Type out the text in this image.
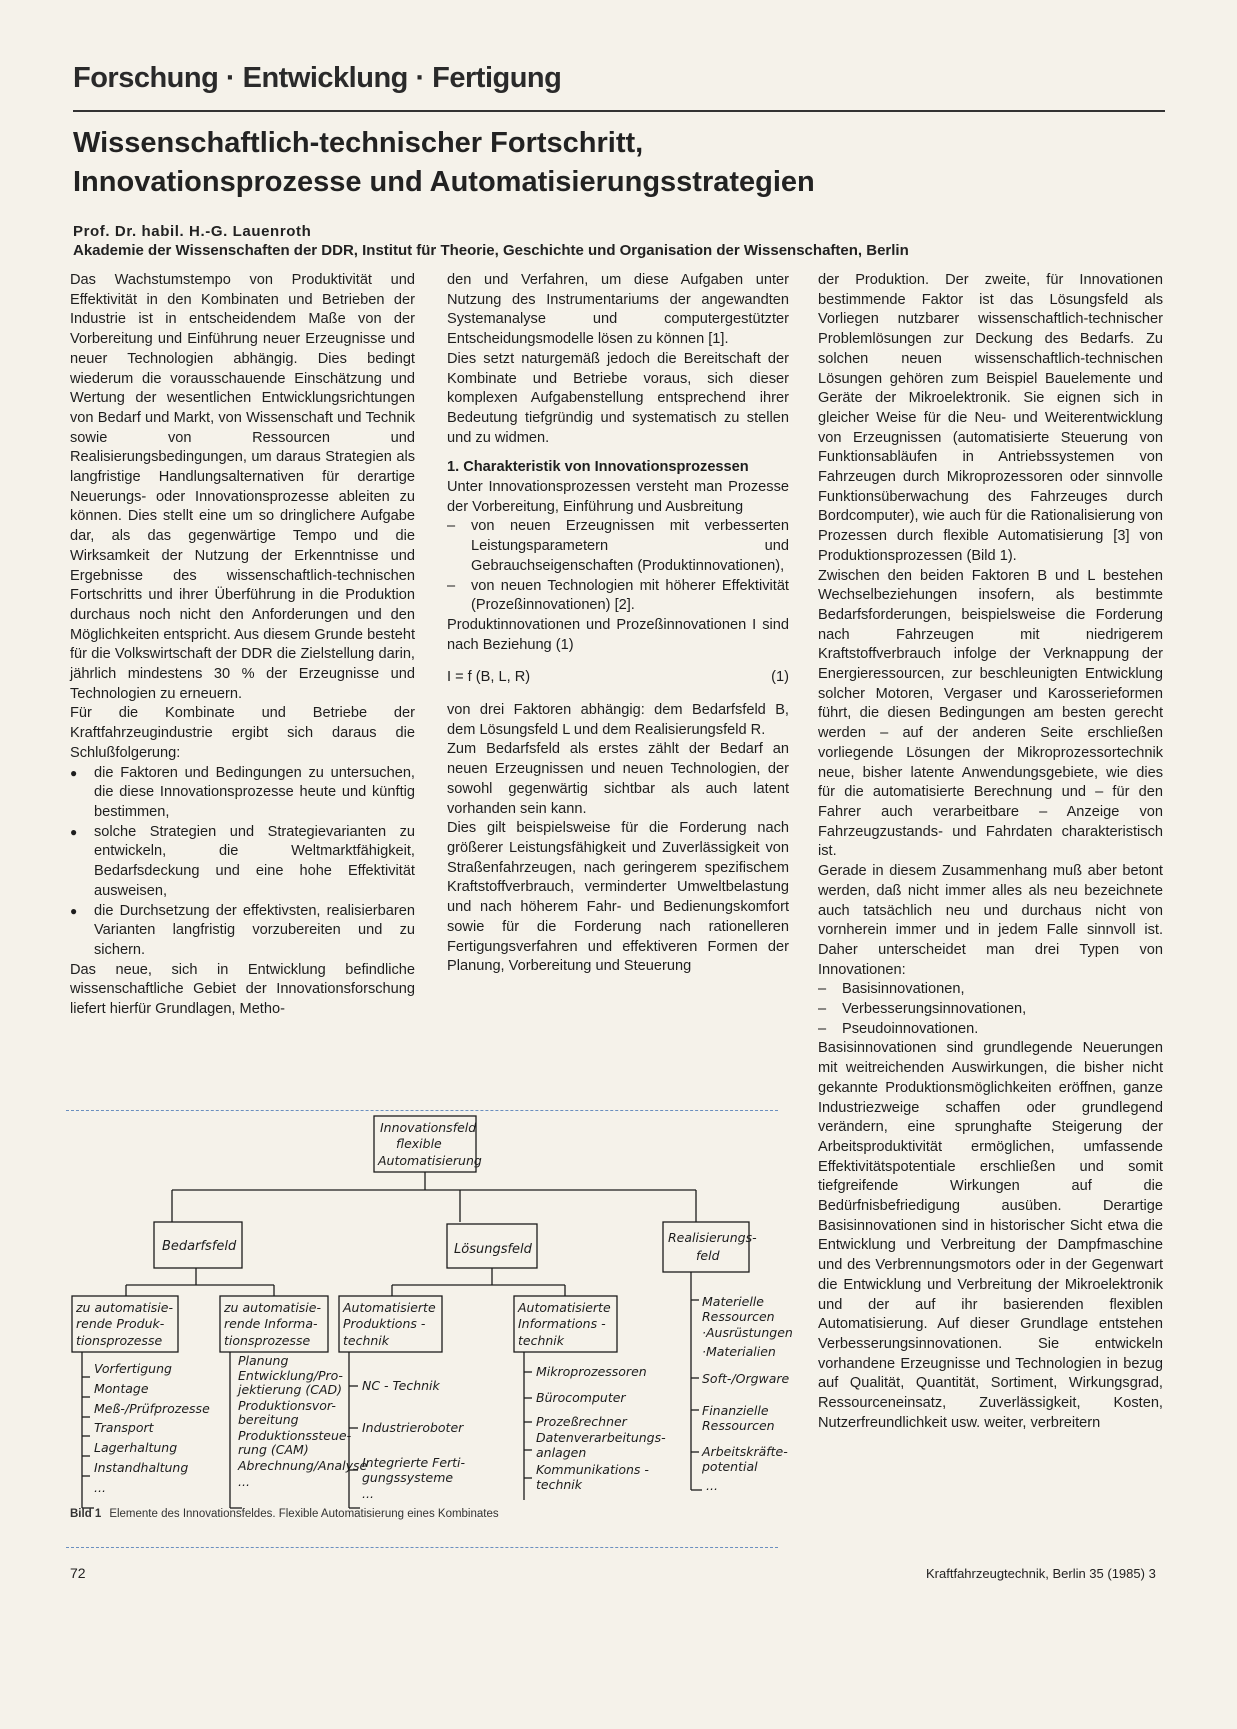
Forschung · Entwicklung · Fertigung
Wissenschaftlich-technischer Fortschritt,
Innovationsprozesse und Automatisierungsstrategien
Prof. Dr. habil. H.-G. Lauenroth
Akademie der Wissenschaften der DDR, Institut für Theorie, Geschichte und Organisation der Wissenschaften, Berlin

Das Wachstumstempo von Produktivität und Effektivität in den Kombinaten und Betrieben der Industrie ist in entscheidendem Maße von der Vorbereitung und Einführung neuer Erzeugnisse und neuer Technologien abhängig. Dies bedingt wiederum die vorausschauende Einschätzung und Wertung der wesentlichen Entwicklungsrichtungen von Bedarf und Markt, von Wissenschaft und Technik sowie von Ressourcen und Realisierungsbedingungen, um daraus Strategien als langfristige Handlungsalternativen für derartige Neuerungs- oder Innovationsprozesse ableiten zu können. Dies stellt eine um so dringlichere Aufgabe dar, als das gegenwärtige Tempo und die Wirksamkeit der Nutzung der Erkenntnisse und Ergebnisse des wissenschaftlich-technischen Fortschritts und ihrer Überführung in die Produktion durchaus noch nicht den Anforderungen und den Möglichkeiten entspricht. Aus diesem Grunde besteht für die Volkswirtschaft der DDR die Zielstellung darin, jährlich mindestens 30 % der Erzeugnisse und Technologien zu erneuern.

Für die Kombinate und Betriebe der Kraftfahrzeugindustrie ergibt sich daraus die Schlußfolgerung:

● die Faktoren und Bedingungen zu untersuchen, die diese Innovationsprozesse heute und künftig bestimmen,
● solche Strategien und Strategievarianten zu entwickeln, die Weltmarktfähigkeit, Bedarfsdeckung und eine hohe Effektivität ausweisen,
● die Durchsetzung der effektivsten, realisierbaren Varianten langfristig vorzubereiten und zu sichern.

Das neue, sich in Entwicklung befindliche wissenschaftliche Gebiet der Innovationsforschung liefert hierfür Grundlagen, Metho-

den und Verfahren, um diese Aufgaben unter Nutzung des Instrumentariums der angewandten Systemanalyse und computergestützter Entscheidungsmodelle lösen zu können [1].

Dies setzt naturgemäß jedoch die Bereitschaft der Kombinate und Betriebe voraus, sich dieser komplexen Aufgabenstellung entsprechend ihrer Bedeutung tiefgründig und systematisch zu stellen und zu widmen.

1. Charakteristik von Innovationsprozessen

Unter Innovationsprozessen versteht man Prozesse der Vorbereitung, Einführung und Ausbreitung

– von neuen Erzeugnissen mit verbesserten Leistungsparametern und Gebrauchseigenschaften (Produktinnovationen),
– von neuen Technologien mit höherer Effektivität (Prozeßinnovationen) [2].

Produktinnovationen und Prozeßinnovationen I sind nach Beziehung (1)

I = f (B, L, R)	(1)

von drei Faktoren abhängig: dem Bedarfsfeld B, dem Lösungsfeld L und dem Realisierungsfeld R.

Zum Bedarfsfeld als erstes zählt der Bedarf an neuen Erzeugnissen und neuen Technologien, der sowohl gegenwärtig sichtbar als auch latent vorhanden sein kann.

Dies gilt beispielsweise für die Forderung nach größerer Leistungsfähigkeit und Zuverlässigkeit von Straßenfahrzeugen, nach geringerem spezifischem Kraftstoffverbrauch, verminderter Umweltbelastung und nach höherem Fahr- und Bedienungskomfort sowie für die Forderung nach rationelleren Fertigungsverfahren und effektiveren Formen der Planung, Vorbereitung und Steuerung

der Produktion. Der zweite, für Innovationen bestimmende Faktor ist das Lösungsfeld als Vorliegen nutzbarer wissenschaftlich-technischer Problemlösungen zur Deckung des Bedarfs. Zu solchen neuen wissenschaftlich-technischen Lösungen gehören zum Beispiel Bauelemente und Geräte der Mikroelektronik. Sie eignen sich in gleicher Weise für die Neu- und Weiterentwicklung von Erzeugnissen (automatisierte Steuerung von Funktionsabläufen in Antriebssystemen von Fahrzeugen durch Mikroprozessoren oder sinnvolle Funktionsüberwachung des Fahrzeuges durch Bordcomputer), wie auch für die Rationalisierung von Prozessen durch flexible Automatisierung [3] von Produktionsprozessen (Bild 1).

Zwischen den beiden Faktoren B und L bestehen Wechselbeziehungen insofern, als bestimmte Bedarfsforderungen, beispielsweise die Forderung nach Fahrzeugen mit niedrigerem Kraftstoffverbrauch infolge der Verknappung der Energieressourcen, zur beschleunigten Entwicklung solcher Motoren, Vergaser und Karosserieformen führt, die diesen Bedingungen am besten gerecht werden – auf der anderen Seite erschließen vorliegende Lösungen der Mikroprozessortechnik neue, bisher latente Anwendungsgebiete, wie dies für die automatisierte Berechnung und – für den Fahrer auch verarbeitbare – Anzeige von Fahrzeugzustands- und Fahrdaten charakteristisch ist.

Gerade in diesem Zusammenhang muß aber betont werden, daß nicht immer alles als neu bezeichnete auch tatsächlich neu und durchaus nicht von vornherein immer und in jedem Falle sinnvoll ist. Daher unterscheidet man drei Typen von Innovationen:

– Basisinnovationen,
– Verbesserungsinnovationen,
– Pseudoinnovationen.

Basisinnovationen sind grundlegende Neuerungen mit weitreichenden Auswirkungen, die bisher nicht gekannte Produktionsmöglichkeiten eröffnen, ganze Industriezweige schaffen oder grundlegend verändern, eine sprunghafte Steigerung der Arbeitsproduktivität ermöglichen, umfassende Effektivitätspotentiale erschließen und somit tiefgreifende Wirkungen auf die Bedürfnisbefriedigung ausüben. Derartige Basisinnovationen sind in historischer Sicht etwa die Entwicklung und Verbreitung der Dampfmaschine und des Verbrennungsmotors oder in der Gegenwart die Entwicklung und Verbreitung der Mikroelektronik und der auf ihr basierenden flexiblen Automatisierung. Auf dieser Grundlage entstehen Verbesserungsinnovationen. Sie entwickeln vorhandene Erzeugnisse und Technologien in bezug auf Qualität, Quantität, Sortiment, Wirkungsgrad, Ressourceneinsatz, Zuverlässigkeit, Kosten, Nutzerfreundlichkeit usw. weiter, verbreitern

Innovationsfeld
flexible
Automatisierung
Bedarfsfeld	Lösungsfeld
Realisierungs-
feld
zu automatisie-
rende Produk-
tionsprozesse
zu automatisie-
rende Informa-
tionsprozesse
Automatisierte
Produktions -
technik
Automatisierte
Informations -
technik
Vorfertigung
Montage
Meß-/Prüfprozesse
Transport
Lagerhaltung
Instandhaltung
...
Planung
Entwicklung/Pro-
jektierung (CAD)
Produktionsvor-
bereitung
Produktionssteue-
rung (CAM)
Abrechnung/Analyse
...
NC - Technik
Industrieroboter
Integrierte Ferti-
gungssysteme
...
Mikroprozessoren
Bürocomputer
Prozeßrechner
Datenverarbeitungs-
anlagen
Kommunikations -
technik
Materielle
Ressourcen
·Ausrüstungen
·Materialien
Soft-/Orgware
Finanzielle
Ressourcen
Arbeitskräfte-
potential
...
Bild 1 Elemente des Innovationsfeldes. Flexible Automatisierung eines Kombinates
72	Kraftfahrzeugtechnik, Berlin 35 (1985) 3
